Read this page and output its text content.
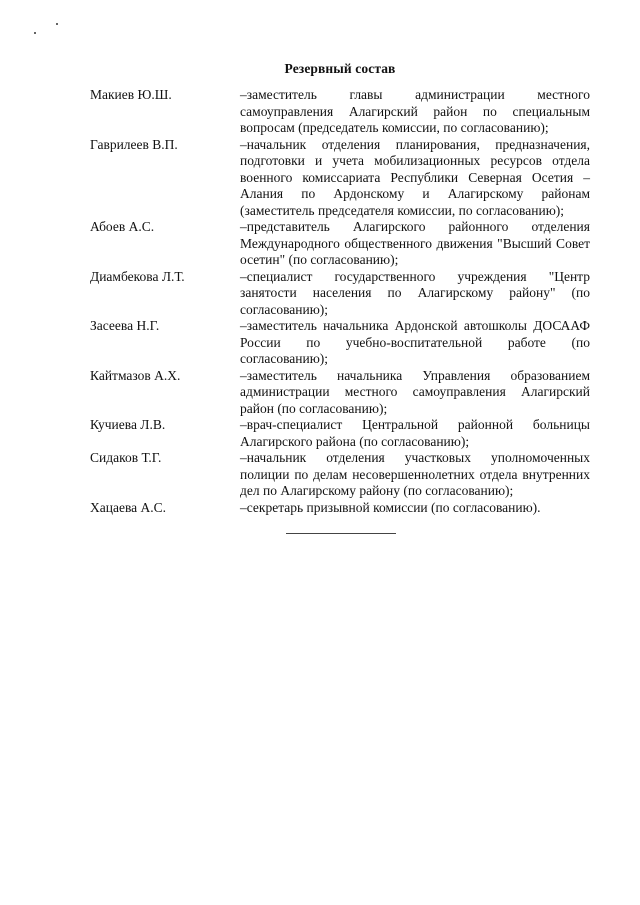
Резервный состав
Макиев Ю.Ш.	–заместитель главы администрации местного самоуправления Алагирский район по специальным вопросам (председатель комиссии, по согласованию);
Гаврилеев В.П.	–начальник отделения планирования, предназначения, подготовки и учета мобилизационных ресурсов отдела военного комиссариата Республики Северная Осетия – Алания по Ардонскому и Алагирскому районам (заместитель председателя комиссии, по согласованию);
Абоев А.С.	–представитель Алагирского районного отделения Международного общественного движения "Высший Совет осетин" (по согласованию);
Диамбекова Л.Т.	–специалист государственного учреждения "Центр занятости населения по Алагирскому району" (по согласованию);
Засеева Н.Г.	–заместитель начальника Ардонской автошколы ДОСААФ России по учебно-воспитательной работе (по согласованию);
Кайтмазов А.Х.	–заместитель начальника Управления образованием администрации местного самоуправления Алагирский район (по согласованию);
Кучиева Л.В.	–врач-специалист Центральной районной больницы Алагирского района (по согласованию);
Сидаков Т.Г.	–начальник отделения участковых уполномоченных полиции по делам несовершеннолетних отдела внутренних дел по Алагирскому району (по согласованию);
Хацаева А.С.	–секретарь призывной комиссии (по согласованию).
